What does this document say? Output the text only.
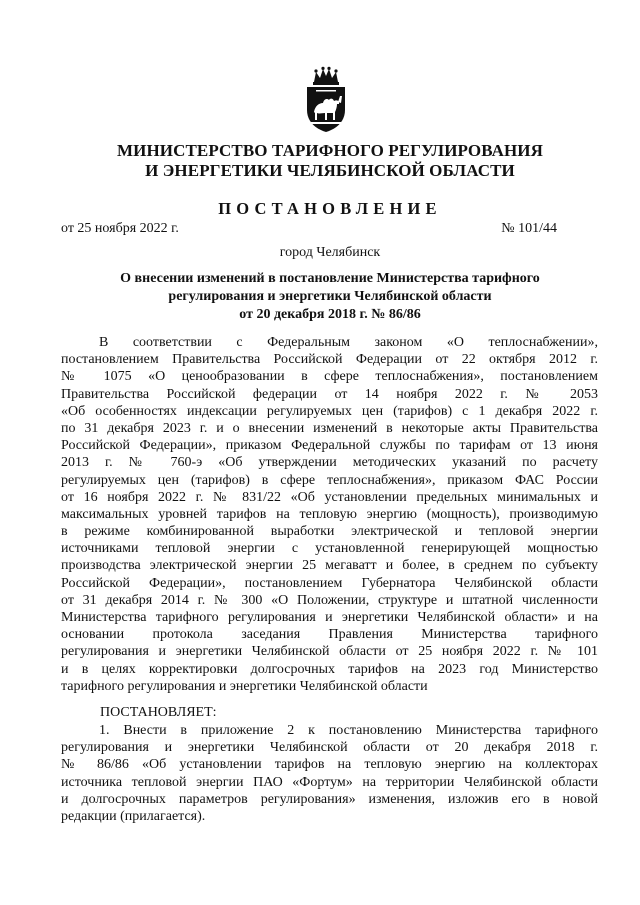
МИНИСТЕРСТВО ТАРИФНОГО РЕГУЛИРОВАНИЯ
И ЭНЕРГЕТИКИ ЧЕЛЯБИНСКОЙ ОБЛАСТИ
ПОСТАНОВЛЕНИЕ
от 25 ноября 2022 г.	№ 101/44
город Челябинск
О внесении изменений в постановление Министерства тарифного
регулирования и энергетики Челябинской области
от 20 декабря 2018 г. № 86/86
В соответствии с Федеральным законом «О теплоснабжении»,
постановлением Правительства Российской Федерации от 22 октября 2012 г.
№ 1075 «О ценообразовании в сфере теплоснабжения», постановлением
Правительства Российской федерации от 14 ноября 2022 г. № 2053
«Об особенностях индексации регулируемых цен (тарифов) с 1 декабря 2022 г.
по 31 декабря 2023 г. и о внесении изменений в некоторые акты Правительства
Российской Федерации», приказом Федеральной службы по тарифам от 13 июня
2013 г. № 760-э «Об утверждении методических указаний по расчету
регулируемых цен (тарифов) в сфере теплоснабжения», приказом ФАС России
от 16 ноября 2022 г. № 831/22 «Об установлении предельных минимальных и
максимальных уровней тарифов на тепловую энергию (мощность), производимую
в режиме комбинированной выработки электрической и тепловой энергии
источниками тепловой энергии с установленной генерирующей мощностью
производства электрической энергии 25 мегаватт и более, в среднем по субъекту
Российской Федерации», постановлением Губернатора Челябинской области
от 31 декабря 2014 г. № 300 «О Положении, структуре и штатной численности
Министерства тарифного регулирования и энергетики Челябинской области» и на
основании протокола заседания Правления Министерства тарифного
регулирования и энергетики Челябинской области от 25 ноября 2022 г. № 101
и в целях корректировки долгосрочных тарифов на 2023 год Министерство
тарифного регулирования и энергетики Челябинской области
ПОСТАНОВЛЯЕТ:
1. Внести в приложение 2 к постановлению Министерства тарифного
регулирования и энергетики Челябинской области от 20 декабря 2018 г.
№ 86/86 «Об установлении тарифов на тепловую энергию на коллекторах
источника тепловой энергии ПАО «Фортум» на территории Челябинской области
и долгосрочных параметров регулирования» изменения, изложив его в новой
редакции (прилагается).
